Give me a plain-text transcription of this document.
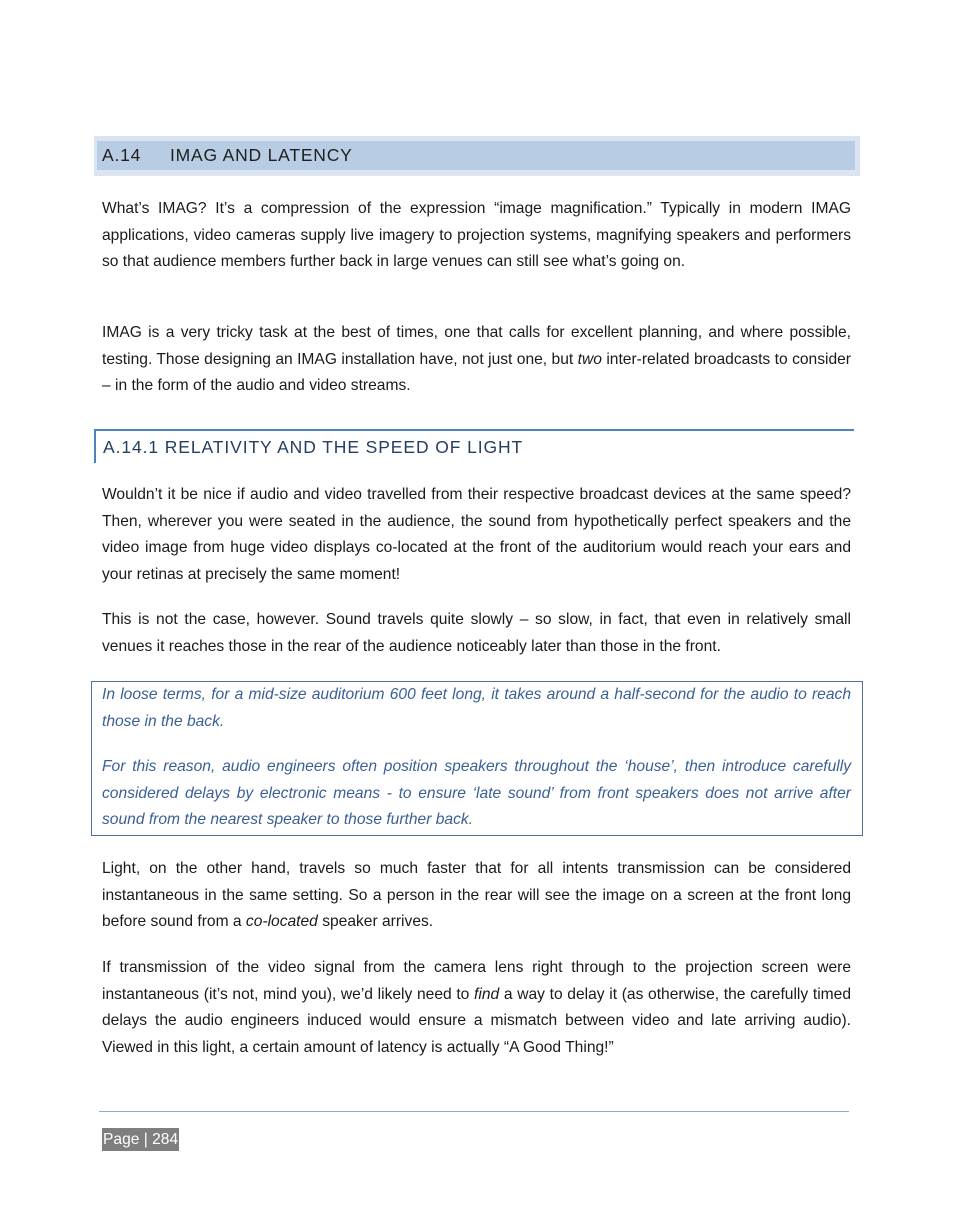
A.14 IMAG AND LATENCY

What’s IMAG? It’s a compression of the expression “image magnification.” Typically in modern IMAG applications, video cameras supply live imagery to projection systems, magnifying speakers and performers so that audience members further back in large venues can still see what’s going on.

IMAG is a very tricky task at the best of times, one that calls for excellent planning, and where possible, testing. Those designing an IMAG installation have, not just one, but two inter-related broadcasts to consider – in the form of the audio and video streams.

A.14.1 RELATIVITY AND THE SPEED OF LIGHT

Wouldn’t it be nice if audio and video travelled from their respective broadcast devices at the same speed? Then, wherever you were seated in the audience, the sound from hypothetically perfect speakers and the video image from huge video displays co-located at the front of the auditorium would reach your ears and your retinas at precisely the same moment!

This is not the case, however. Sound travels quite slowly – so slow, in fact, that even in relatively small venues it reaches those in the rear of the audience noticeably later than those in the front.

In loose terms, for a mid-size auditorium 600 feet long, it takes around a half-second for the audio to reach those in the back.

For this reason, audio engineers often position speakers throughout the ‘house’, then introduce carefully considered delays by electronic means - to ensure ‘late sound’ from front speakers does not arrive after sound from the nearest speaker to those further back.

Light, on the other hand, travels so much faster that for all intents transmission can be considered instantaneous in the same setting. So a person in the rear will see the image on a screen at the front long before sound from a co-located speaker arrives.

If transmission of the video signal from the camera lens right through to the projection screen were instantaneous (it’s not, mind you), we’d likely need to find a way to delay it (as otherwise, the carefully timed delays the audio engineers induced would ensure a mismatch between video and late arriving audio). Viewed in this light, a certain amount of latency is actually “A Good Thing!”

Page | 284
